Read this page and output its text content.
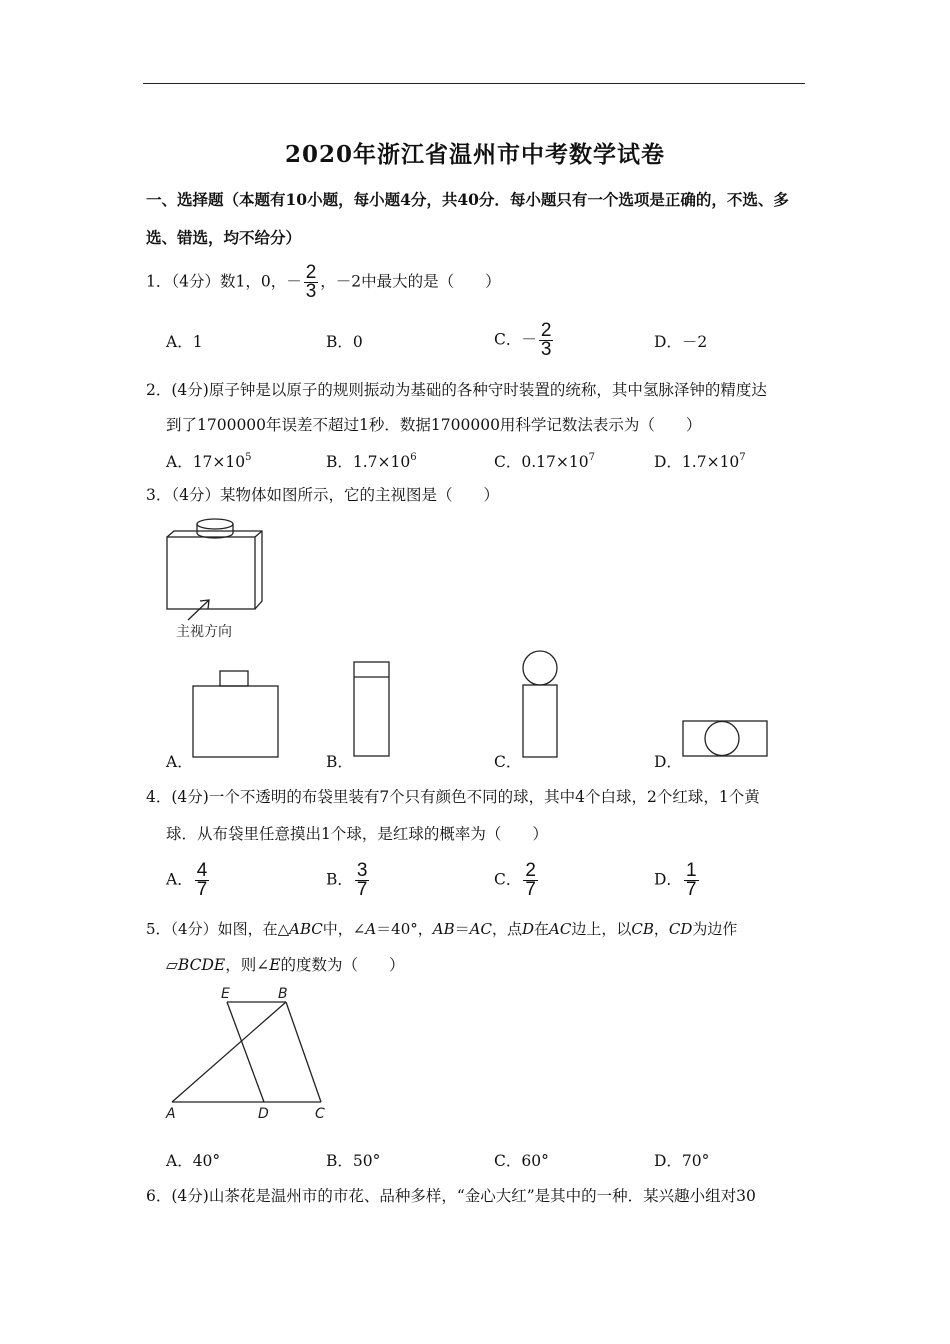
2020年浙江省温州市中考数学试卷
一、选择题（本题有10小题，每小题4分，共40分．每小题只有一个选项是正确的，不选、多
选、错选，均不给分）
1．（4分）数1，0，－ $\frac{2}{3}$ ，－2中最大的是（　　）
A．1	B．0	C．－ $\frac{2}{3}$	D．－2
2．(4分)原子钟是以原子的规则振动为基础的各种守时装置的统称，其中氢脉泽钟的精度达
到了1700000年误差不超过1秒．数据1700000用科学记数法表示为（　　）
A．$17\times 10^5$	B．$1.7\times 10^6$	C．$0.17\times 10^7$	D．$1.7\times 10^7$
3．（4分）某物体如图所示，它的主视图是（　　）
主视方向
A．	B．	C．	D．
4．(4分)一个不透明的布袋里装有7个只有颜色不同的球，其中4个白球，2个红球，1个黄
球．从布袋里任意摸出1个球，是红球的概率为（　　）
A． $\frac{4}{7}$	B． $\frac{3}{7}$	C． $\frac{2}{7}$	D． $\frac{1}{7}$
5．（4分）如图，在△ABC中，∠A＝40°，AB＝AC，点D在AC边上，以CB，CD为边作
▱BCDE，则∠E的度数为（　　）
E	B
A	D	C
A．40°	B．50°	C．60°	D．70°
6．(4分)山茶花是温州市的市花、品种多样，“金心大红”是其中的一种．某兴趣小组对30
